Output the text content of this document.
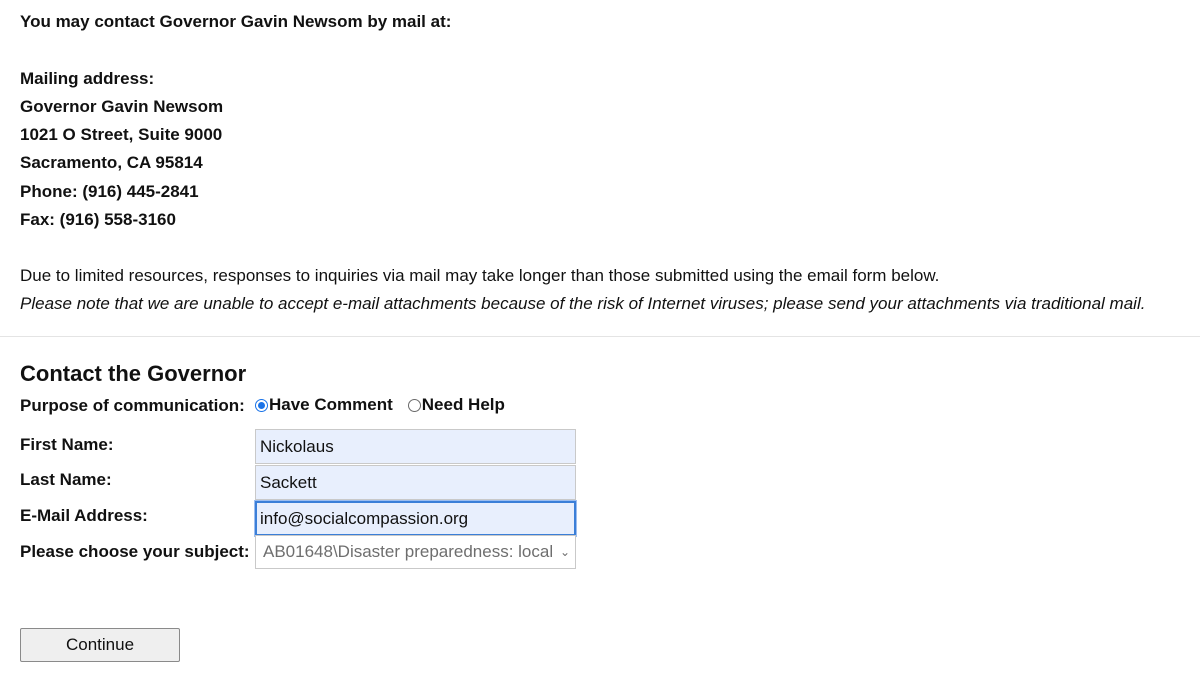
You may contact Governor Gavin Newsom by mail at:
Mailing address:
Governor Gavin Newsom
1021 O Street, Suite 9000
Sacramento, CA 95814
Phone: (916) 445-2841
Fax: (916) 558-3160
Due to limited resources, responses to inquiries via mail may take longer than those submitted using the email form below.
Please note that we are unable to accept e-mail attachments because of the risk of Internet viruses; please send your attachments via traditional mail.
Contact the Governor
Purpose of communication: Have Comment Need Help
First Name:	Nickolaus
Last Name:	Sackett
E-Mail Address:	info@socialcompassion.org
Please choose your subject: AB01648\Disaster preparedness: local ⌄
Continue
